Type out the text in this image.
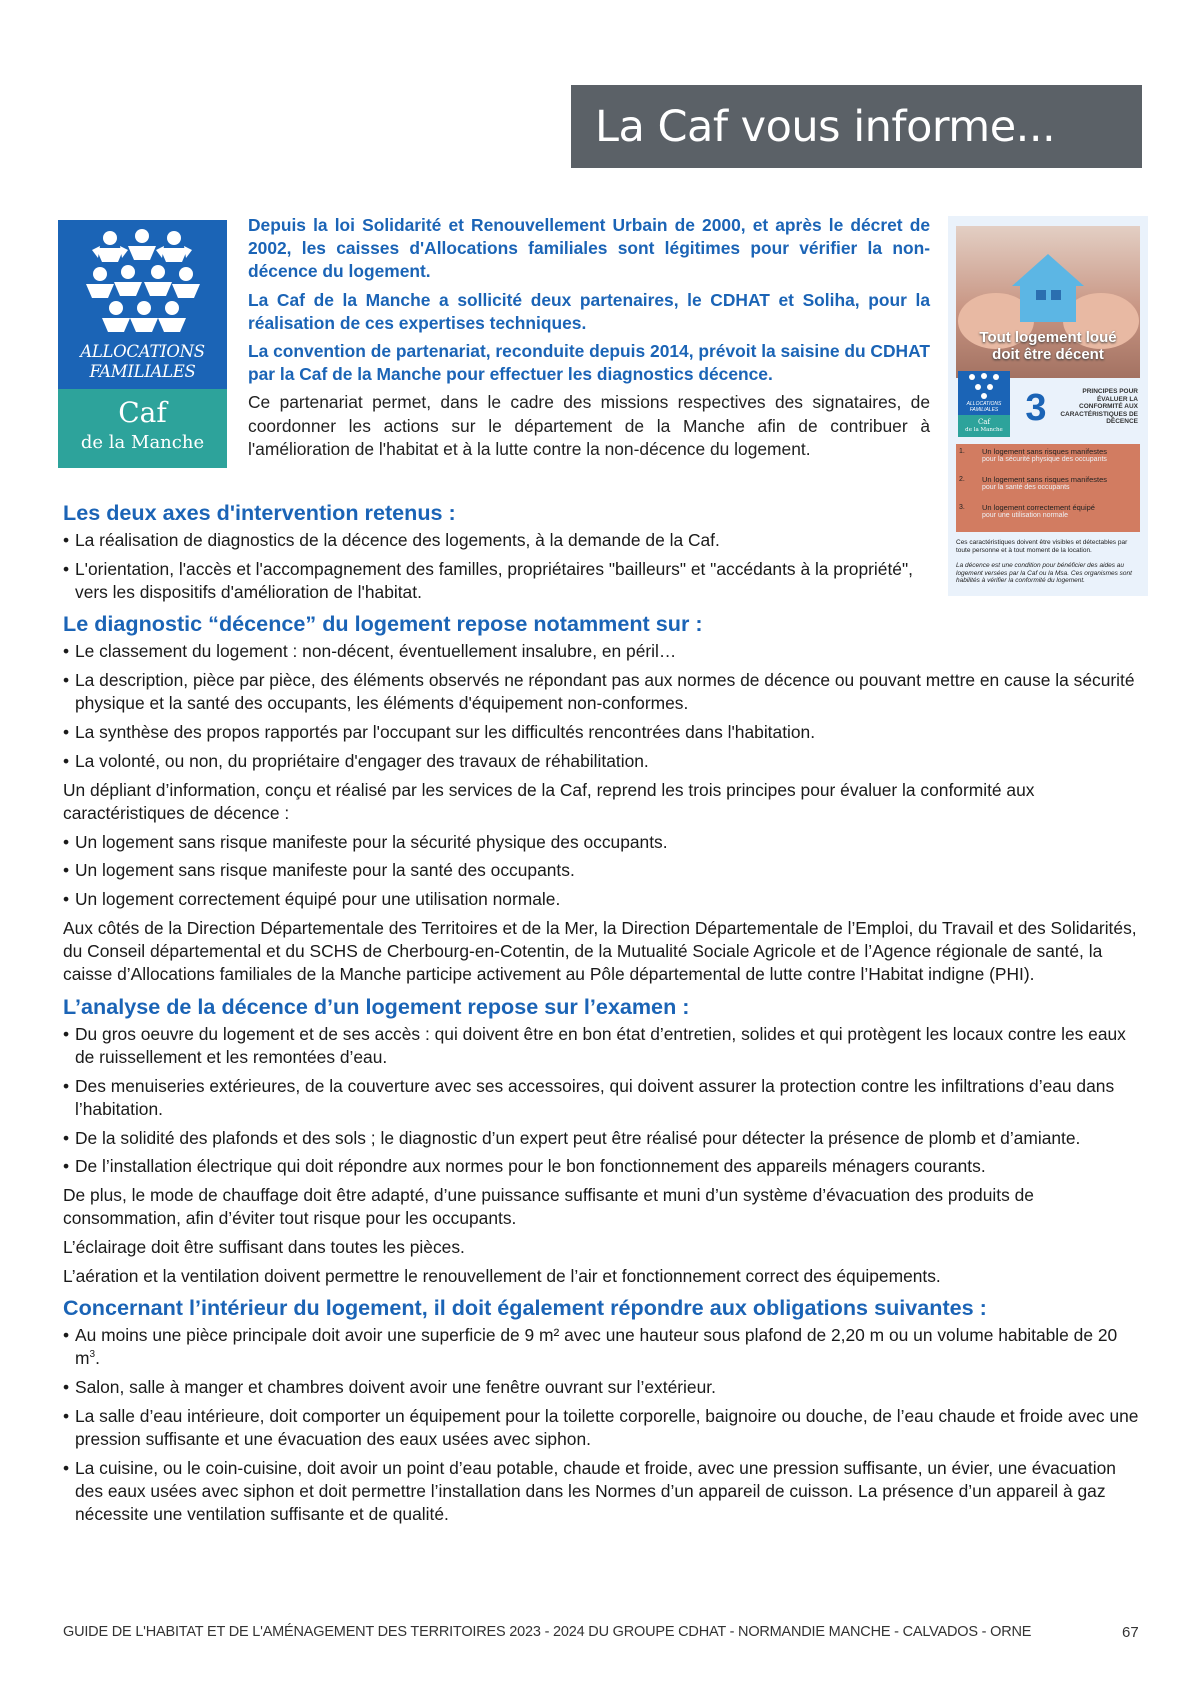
La Caf vous informe...
ALLOCATIONS
FAMILIALES
Caf
de la Manche

Depuis la loi Solidarité et Renouvellement Urbain de 2000, et après le décret de 2002, les caisses d'Allocations familiales sont légitimes pour vérifier la non-décence du logement.

La Caf de la Manche a sollicité deux partenaires, le CDHAT et Soliha, pour la réalisation de ces expertises techniques.

La convention de partenariat, reconduite depuis 2014, prévoit la saisine du CDHAT par la Caf de la Manche pour effectuer les diagnostics décence.

Ce partenariat permet, dans le cadre des missions respectives des signataires, de coordonner les actions sur le département de la Manche afin de contribuer à l'amélioration de l'habitat et à la lutte contre la non-décence du logement.

Tout logement loué
doit être décent
ALLOCATIONS
FAMILIALES
Caf
de la Manche
3	PRINCIPES POUR ÉVALUER LA CONFORMITÉ AUX CARACTÉRISTIQUES DE DÉCENCE
1. Un logement sans risques manifestes
pour la sécurité physique des occupants
2. Un logement sans risques manifestes
pour la santé des occupants
3. Un logement correctement équipé
pour une utilisation normale
Ces caractéristiques doivent être visibles et détectables par toute personne et à tout moment de la location.
La décence est une condition pour bénéficier des aides au logement versées par la Caf ou la Msa. Ces organismes sont habilités à vérifier la conformité du logement.
Les deux axes d'intervention retenus :
• La réalisation de diagnostics de la décence des logements, à la demande de la Caf.
• L'orientation, l'accès et l'accompagnement des familles, propriétaires "bailleurs" et "accédants à la propriété", vers les dispositifs d'amélioration de l'habitat.
Le diagnostic “décence” du logement repose notamment sur :
• Le classement du logement : non-décent, éventuellement insalubre, en péril…
• La description, pièce par pièce, des éléments observés ne répondant pas aux normes de décence ou pouvant mettre en cause la sécurité physique et la santé des occupants, les éléments d'équipement non-conformes.
• La synthèse des propos rapportés par l'occupant sur les difficultés rencontrées dans l'habitation.
• La volonté, ou non, du propriétaire d'engager des travaux de réhabilitation.
Un dépliant d’information, conçu et réalisé par les services de la Caf, reprend les trois principes pour évaluer la conformité aux caractéristiques de décence :
• Un logement sans risque manifeste pour la sécurité physique des occupants.
• Un logement sans risque manifeste pour la santé des occupants.
• Un logement correctement équipé pour une utilisation normale.
Aux côtés de la Direction Départementale des Territoires et de la Mer, la Direction Départementale de l’Emploi, du Travail et des Solidarités, du Conseil départemental et du SCHS de Cherbourg-en-Cotentin, de la Mutualité Sociale Agricole et de l’Agence régionale de santé, la caisse d’Allocations familiales de la Manche participe activement au Pôle départemental de lutte contre l’Habitat indigne (PHI).
L’analyse de la décence d’un logement repose sur l’examen :
• Du gros oeuvre du logement et de ses accès : qui doivent être en bon état d’entretien, solides et qui protègent les locaux contre les eaux de ruissellement et les remontées d’eau.
• Des menuiseries extérieures, de la couverture avec ses accessoires, qui doivent assurer la protection contre les infiltrations d’eau dans l’habitation.
• De la solidité des plafonds et des sols ; le diagnostic d’un expert peut être réalisé pour détecter la présence de plomb et d’amiante.
• De l’installation électrique qui doit répondre aux normes pour le bon fonctionnement des appareils ménagers courants.
De plus, le mode de chauffage doit être adapté, d’une puissance suffisante et muni d’un système d’évacuation des produits de consommation, afin d’éviter tout risque pour les occupants.
L’éclairage doit être suffisant dans toutes les pièces.
L’aération et la ventilation doivent permettre le renouvellement de l’air et fonctionnement correct des équipements.
Concernant l’intérieur du logement, il doit également répondre aux obligations suivantes :
• Au moins une pièce principale doit avoir une superficie de 9 m² avec une hauteur sous plafond de 2,20 m ou un volume habitable de 20 $m^3$.
• Salon, salle à manger et chambres doivent avoir une fenêtre ouvrant sur l’extérieur.
• La salle d’eau intérieure, doit comporter un équipement pour la toilette corporelle, baignoire ou douche, de l’eau chaude et froide avec une pression suffisante et une évacuation des eaux usées avec siphon.
• La cuisine, ou le coin-cuisine, doit avoir un point d’eau potable, chaude et froide, avec une pression suffisante, un évier, une évacuation des eaux usées avec siphon et doit permettre l’installation dans les Normes d’un appareil de cuisson. La présence d’un appareil à gaz nécessite une ventilation suffisante et de qualité.
GUIDE DE L'HABITAT ET DE L'AMÉNAGEMENT DES TERRITOIRES 2023 - 2024 DU GROUPE CDHAT - NORMANDIE MANCHE - CALVADOS - ORNE	67
